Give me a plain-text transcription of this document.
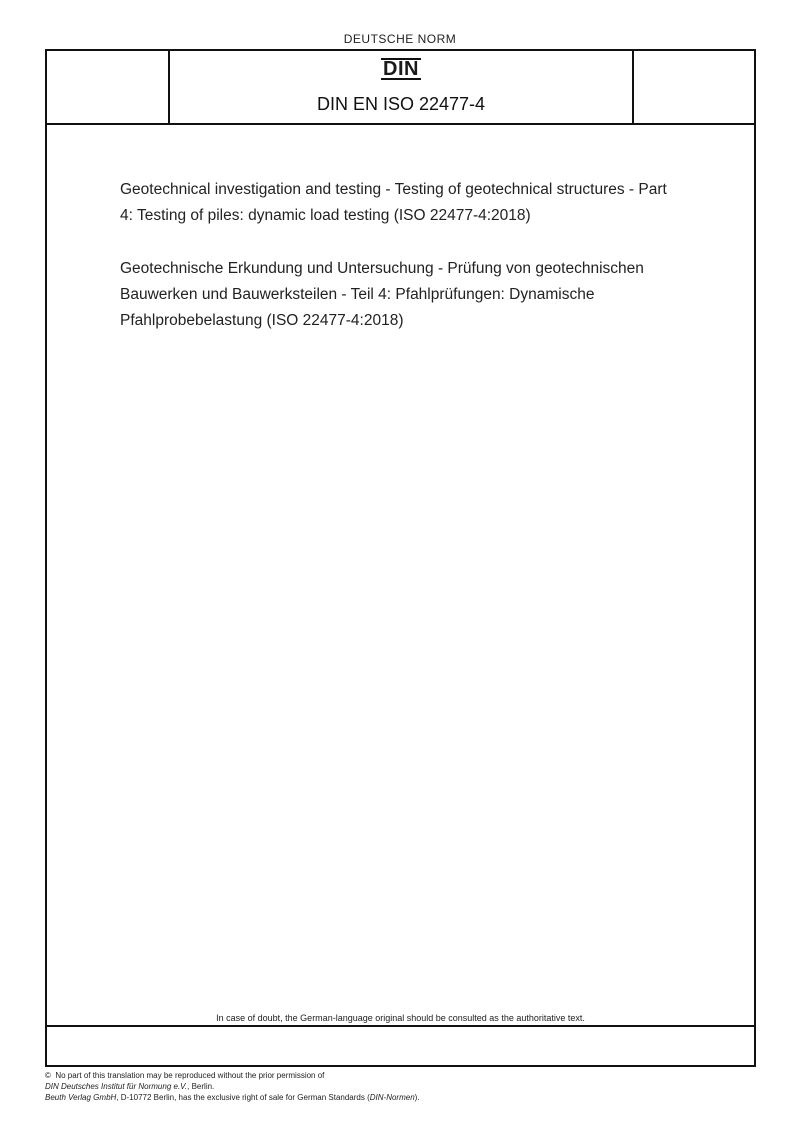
DEUTSCHE NORM
DIN
DIN EN ISO 22477-4
Geotechnical investigation and testing - Testing of geotechnical structures - Part 4: Testing of piles: dynamic load testing (ISO 22477-4:2018)
Geotechnische Erkundung und Untersuchung - Prüfung von geotechnischen Bauwerken und Bauwerksteilen - Teil 4: Pfahlprüfungen: Dynamische Pfahlprobebelastung (ISO 22477-4:2018)
In case of doubt, the German-language original should be consulted as the authoritative text.
© No part of this translation may be reproduced without the prior permission of
DIN Deutsches Institut für Normung e.V., Berlin.
Beuth Verlag GmbH, D-10772 Berlin, has the exclusive right of sale for German Standards (DIN-Normen).
